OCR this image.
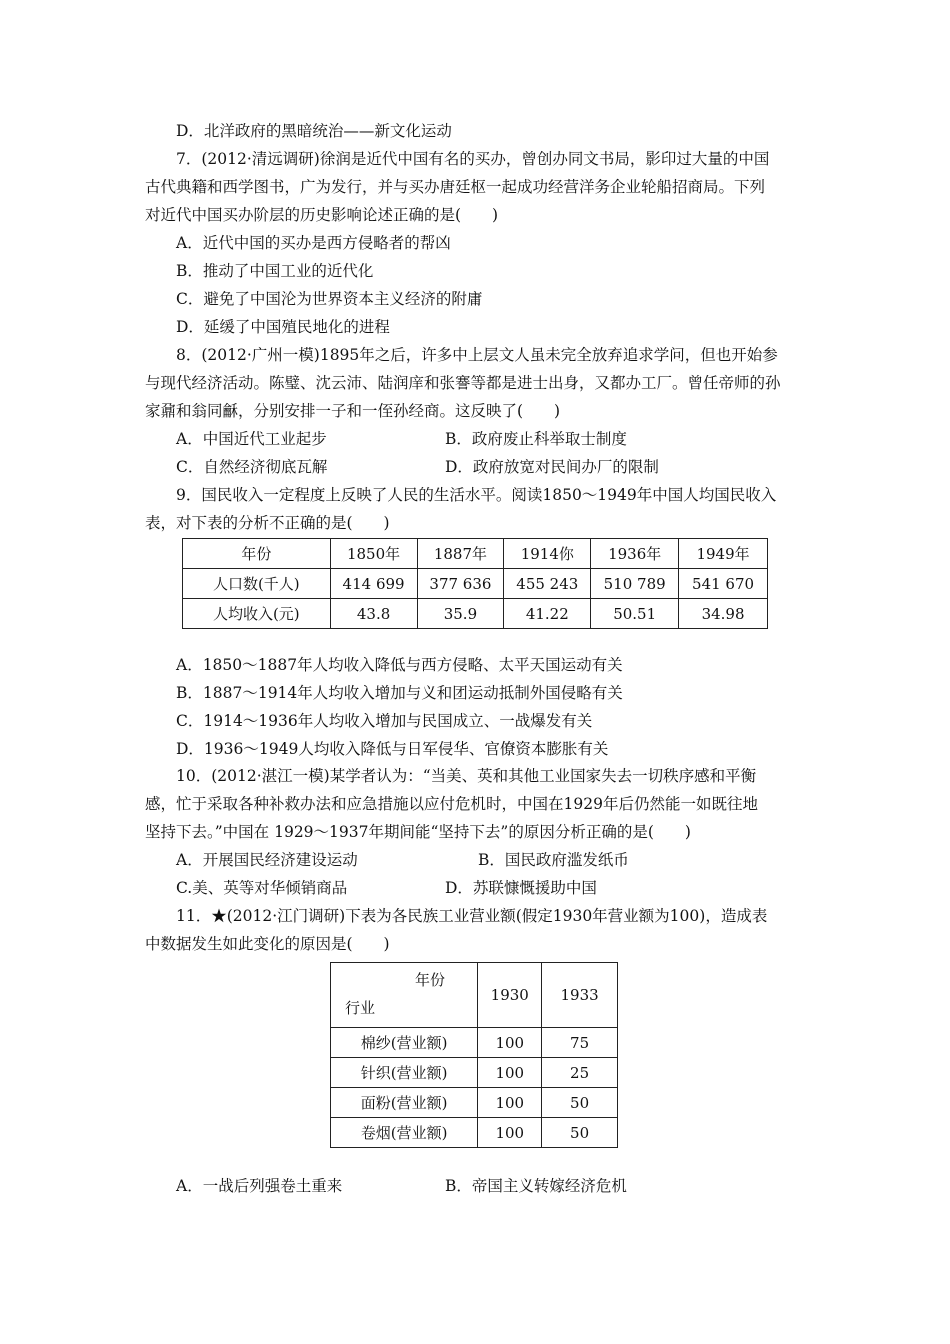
D．北洋政府的黑暗统治——新文化运动
7．(2012·清远调研)徐润是近代中国有名的买办，曾创办同文书局，影印过大量的中国
古代典籍和西学图书，广为发行，并与买办唐廷枢一起成功经营洋务企业轮船招商局。下列
对近代中国买办阶层的历史影响论述正确的是(　　)
A．近代中国的买办是西方侵略者的帮凶
B．推动了中国工业的近代化
C．避免了中国沦为世界资本主义经济的附庸
D．延缓了中国殖民地化的进程
8．(2012·广州一模)1895年之后，许多中上层文人虽未完全放弃追求学问，但也开始参
与现代经济活动。陈璧、沈云沛、陆润庠和张謇等都是进士出身，又都办工厂。曾任帝师的孙
家鼐和翁同龢，分别安排一子和一侄孙经商。这反映了(　　)
A．中国近代工业起步	B．政府废止科举取士制度
C．自然经济彻底瓦解	D．政府放宽对民间办厂的限制
9．国民收入一定程度上反映了人民的生活水平。阅读1850～1949年中国人均国民收入
表，对下表的分析不正确的是(　　)
年份	1850年	1887年	1914你	1936年	1949年
人口数(千人)	414 699	377 636	455 243	510 789	541 670
人均收入(元)	43.8	35.9	41.22	50.51	34.98
A．1850～1887年人均收入降低与西方侵略、太平天国运动有关
B．1887～1914年人均收入增加与义和团运动抵制外国侵略有关
C．1914～1936年人均收入增加与民国成立、一战爆发有关
D．1936～1949人均收入降低与日军侵华、官僚资本膨胀有关
10．(2012·湛江一模)某学者认为：“当美、英和其他工业国家失去一切秩序感和平衡
感，忙于采取各种补救办法和应急措施以应付危机时，中国在1929年后仍然能一如既往地
坚持下去。”中国在 1929～1937年期间能“坚持下去”的原因分析正确的是(　　)
A．开展国民经济建设运动	B．国民政府滥发纸币
C.美、英等对华倾销商品	D．苏联慷慨援助中国
11．★(2012·江门调研)下表为各民族工业营业额(假定1930年营业额为100)，造成表
中数据发生如此变化的原因是(　　)
年份
行业	1930	1933
棉纱(营业额)	100	75
针织(营业额)	100	25
面粉(营业额)	100	50
卷烟(营业额)	100	50
A．一战后列强卷土重来	B．帝国主义转嫁经济危机
